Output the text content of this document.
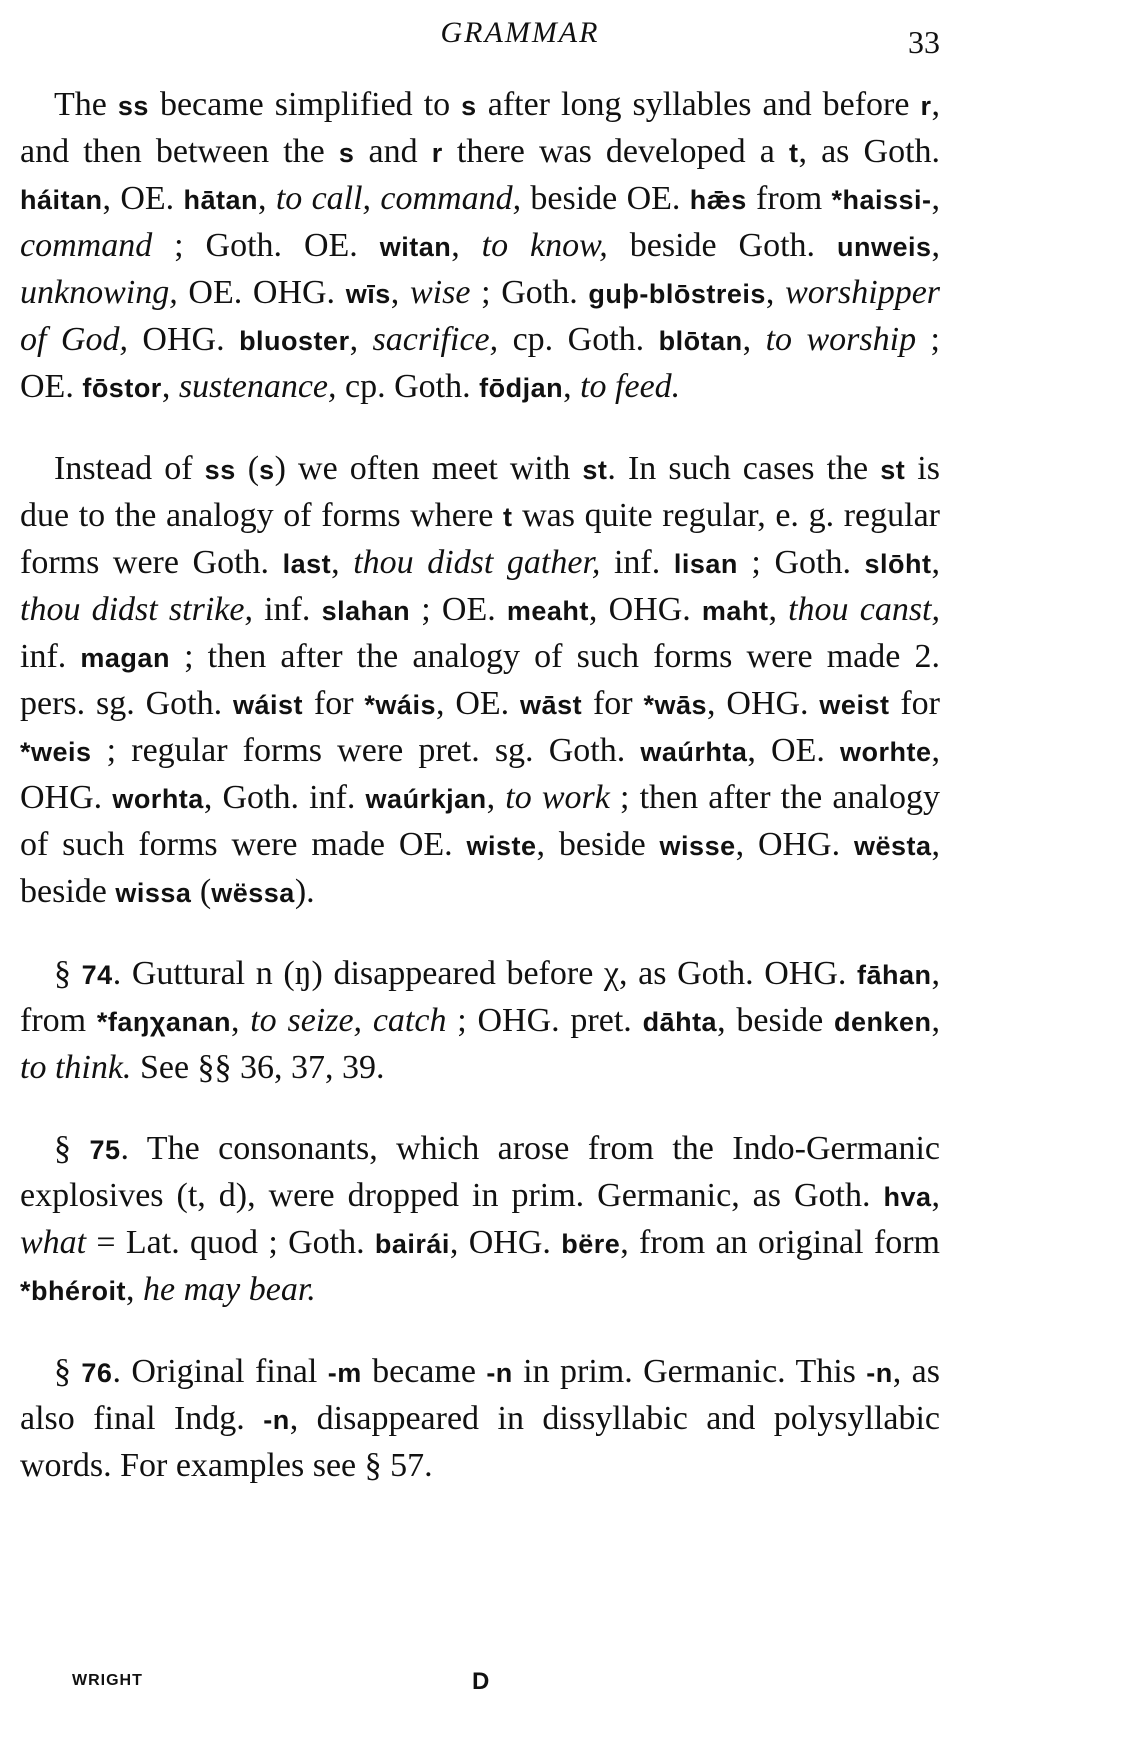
GRAMMAR	33

The ss became simplified to s after long syllables and before r, and then between the s and r there was developed a t, as Goth. háitan, OE. hātan, to call, command, beside OE. hǣs from *haissi-, command ; Goth. OE. witan, to know, beside Goth. unweis, unknowing, OE. OHG. wīs, wise ; Goth. guþ-blōstreis, worshipper of God, OHG. bluoster, sacrifice, cp. Goth. blōtan, to worship ; OE. fōstor, sustenance, cp. Goth. fōdjan, to feed.

Instead of ss (s) we often meet with st. In such cases the st is due to the analogy of forms where t was quite regular, e. g. regular forms were Goth. last, thou didst gather, inf. lisan ; Goth. slōht, thou didst strike, inf. slahan ; OE. meaht, OHG. maht, thou canst, inf. magan ; then after the analogy of such forms were made 2. pers. sg. Goth. wáist for *wáis, OE. wāst for *wās, OHG. weist for *weis ; regular forms were pret. sg. Goth. waúrhta, OE. worhte, OHG. worhta, Goth. inf. waúrkjan, to work ; then after the analogy of such forms were made OE. wiste, beside wisse, OHG. wësta, beside wissa (wëssa).

§ 74. Guttural n (ŋ) disappeared before χ, as Goth. OHG. fāhan, from *faŋχanan, to seize, catch ; OHG. pret. dāhta, beside denken, to think. See §§ 36, 37, 39.

§ 75. The consonants, which arose from the Indo-Germanic explosives (t, d), were dropped in prim. Germanic, as Goth. hva, what = Lat. quod ; Goth. bairái, OHG. bëre, from an original form *bhéroit, he may bear.

§ 76. Original final -m became -n in prim. Germanic. This -n, as also final Indg. -n, disappeared in dissyllabic and polysyllabic words. For examples see § 57.

WRIGHT	D
